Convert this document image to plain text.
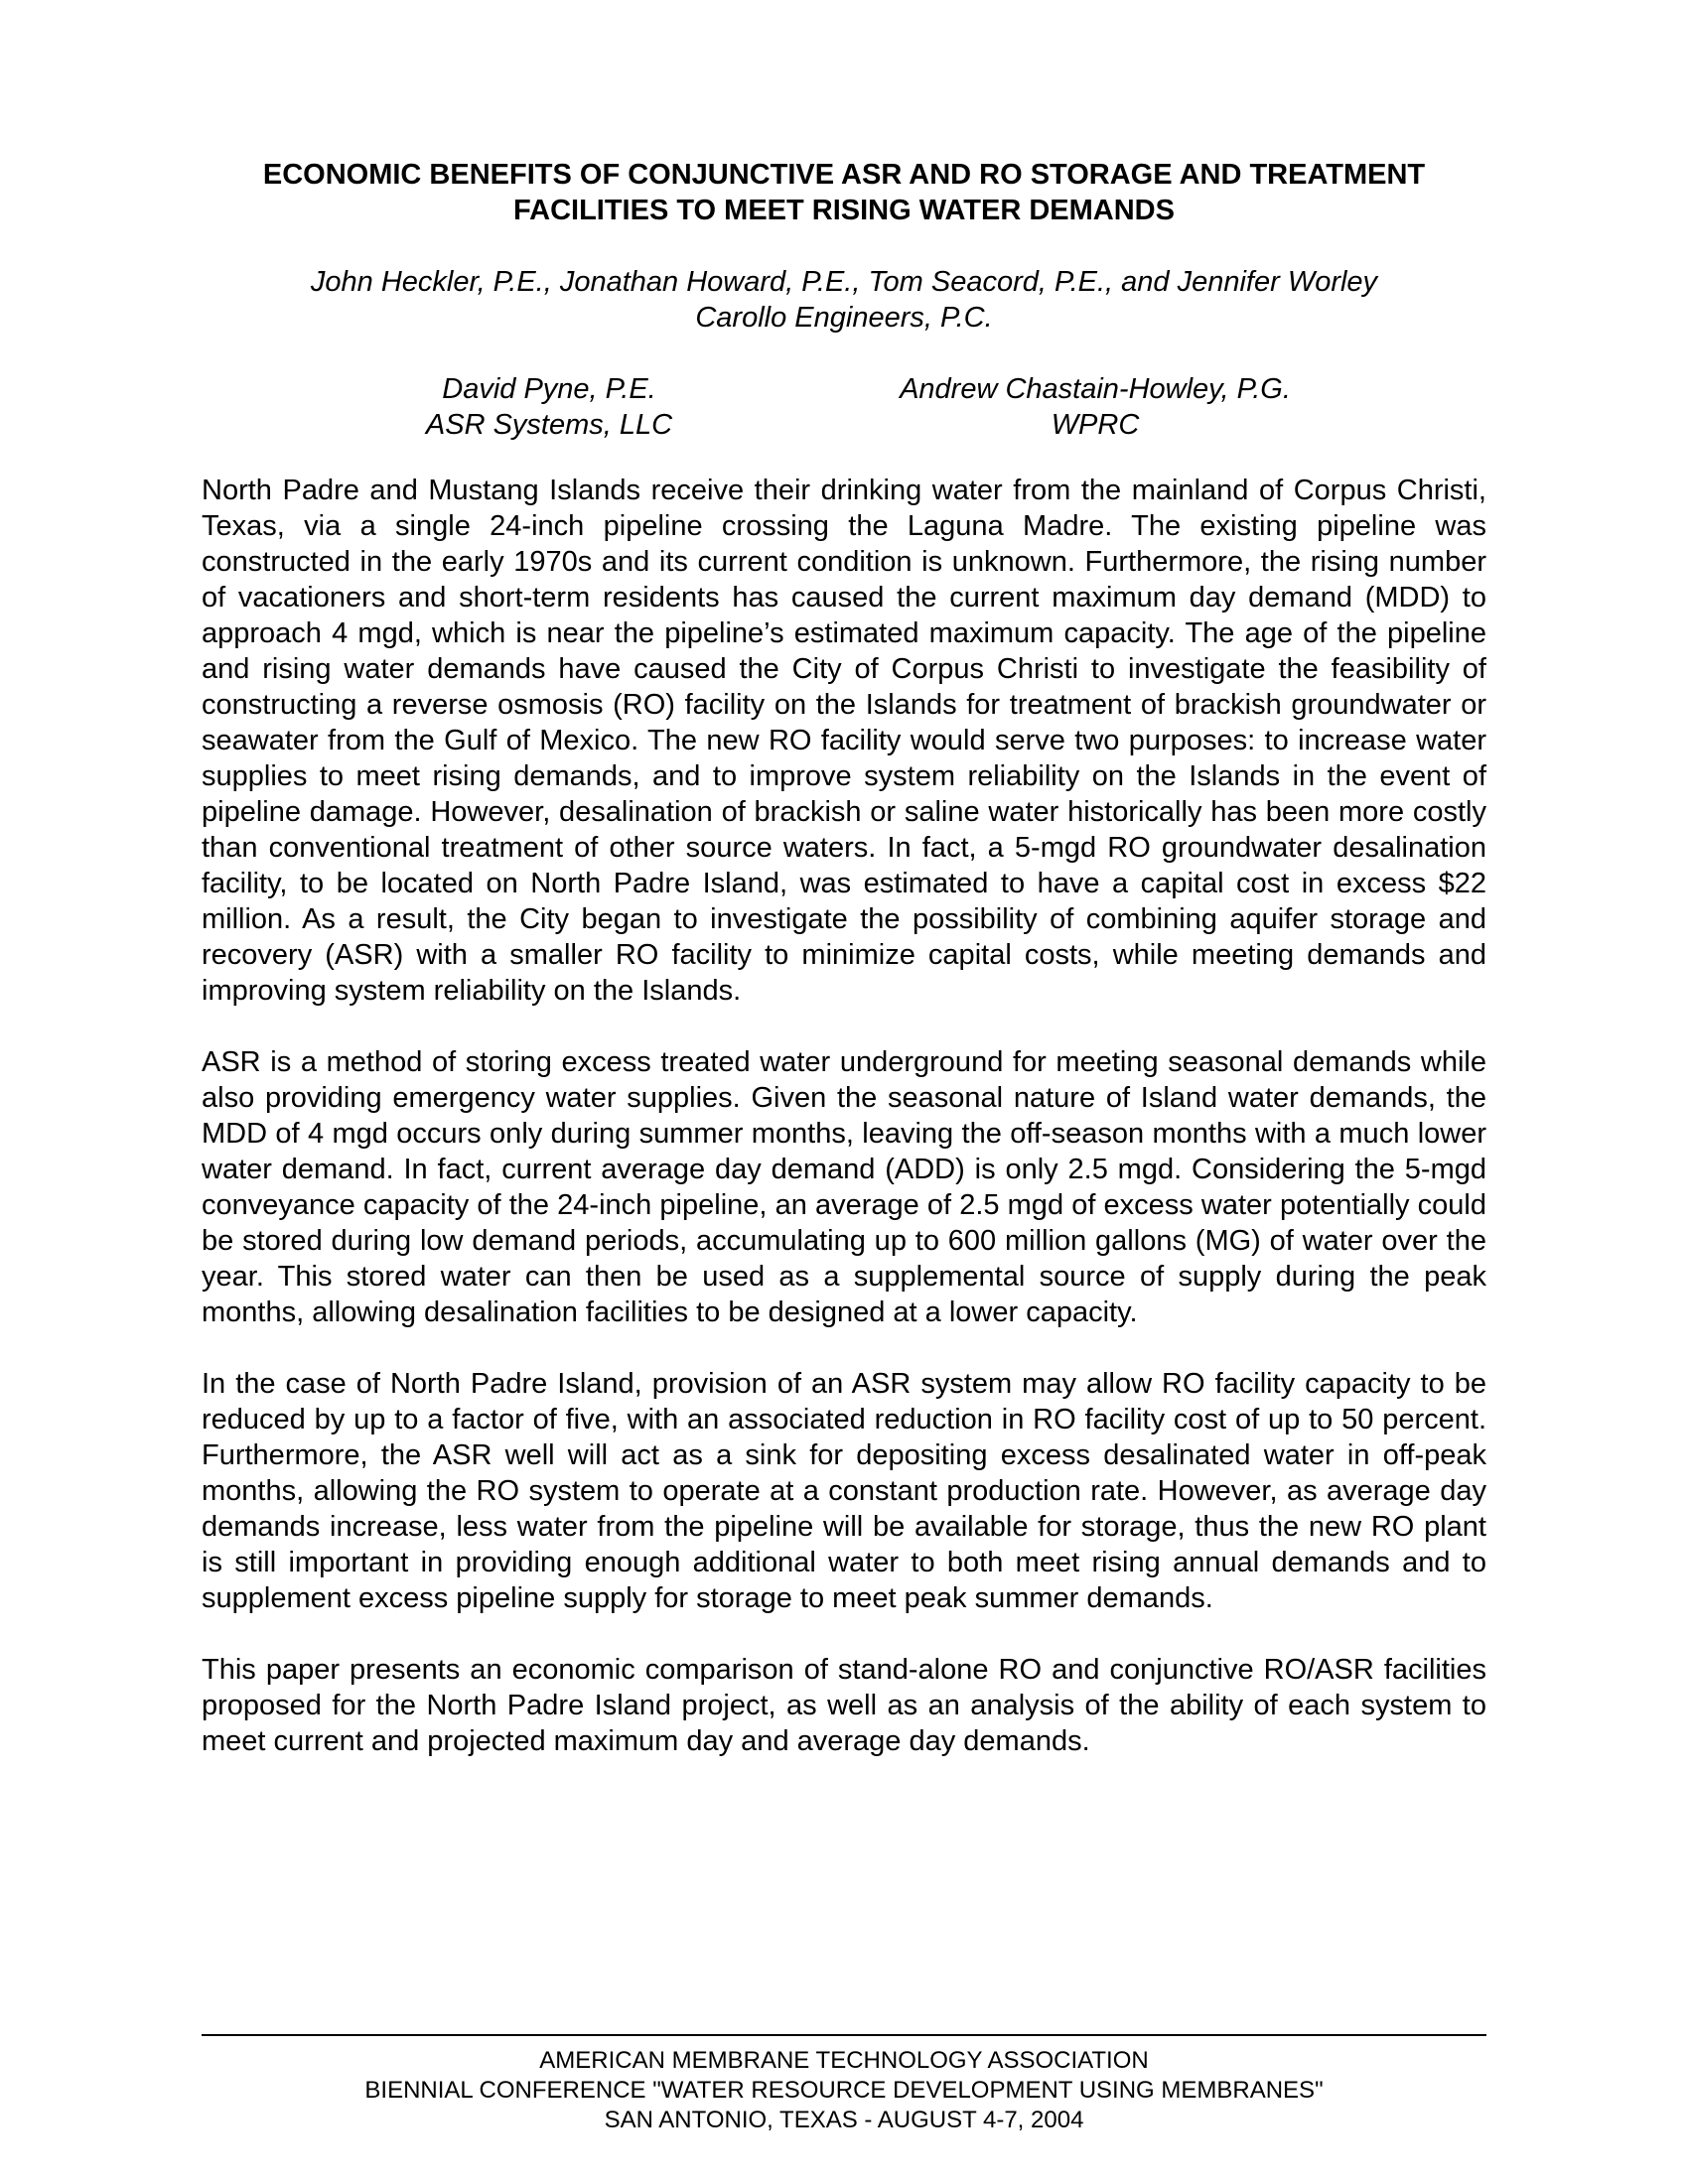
ECONOMIC BENEFITS OF CONJUNCTIVE ASR AND RO STORAGE AND TREATMENT
FACILITIES TO MEET RISING WATER DEMANDS
John Heckler, P.E., Jonathan Howard, P.E., Tom Seacord, P.E., and Jennifer Worley
Carollo Engineers, P.C.
David Pyne, P.E.
ASR Systems, LLC
Andrew Chastain-Howley, P.G.
WPRC

North Padre and Mustang Islands receive their drinking water from the mainland of Corpus Christi, Texas, via a single 24-inch pipeline crossing the Laguna Madre. The existing pipeline was constructed in the early 1970s and its current condition is unknown. Furthermore, the rising number of vacationers and short-term residents has caused the current maximum day demand (MDD) to approach 4 mgd, which is near the pipeline’s estimated maximum capacity. The age of the pipeline and rising water demands have caused the City of Corpus Christi to investigate the feasibility of constructing a reverse osmosis (RO) facility on the Islands for treatment of brackish groundwater or seawater from the Gulf of Mexico. The new RO facility would serve two purposes: to increase water supplies to meet rising demands, and to improve system reliability on the Islands in the event of pipeline damage. However, desalination of brackish or saline water historically has been more costly than conventional treatment of other source waters. In fact, a 5-mgd RO groundwater desalination facility, to be located on North Padre Island, was estimated to have a capital cost in excess $22 million. As a result, the City began to investigate the possibility of combining aquifer storage and recovery (ASR) with a smaller RO facility to minimize capital costs, while meeting demands and improving system reliability on the Islands.

ASR is a method of storing excess treated water underground for meeting seasonal demands while also providing emergency water supplies. Given the seasonal nature of Island water demands, the MDD of 4 mgd occurs only during summer months, leaving the off-season months with a much lower water demand. In fact, current average day demand (ADD) is only 2.5 mgd. Considering the 5-mgd conveyance capacity of the 24-inch pipeline, an average of 2.5 mgd of excess water potentially could be stored during low demand periods, accumulating up to 600 million gallons (MG) of water over the year. This stored water can then be used as a supplemental source of supply during the peak months, allowing desalination facilities to be designed at a lower capacity.

In the case of North Padre Island, provision of an ASR system may allow RO facility capacity to be reduced by up to a factor of five, with an associated reduction in RO facility cost of up to 50 percent. Furthermore, the ASR well will act as a sink for depositing excess desalinated water in off-peak months, allowing the RO system to operate at a constant production rate. However, as average day demands increase, less water from the pipeline will be available for storage, thus the new RO plant is still important in providing enough additional water to both meet rising annual demands and to supplement excess pipeline supply for storage to meet peak summer demands.

This paper presents an economic comparison of stand-alone RO and conjunctive RO/ASR facilities proposed for the North Padre Island project, as well as an analysis of the ability of each system to meet current and projected maximum day and average day demands.

AMERICAN MEMBRANE TECHNOLOGY ASSOCIATION
BIENNIAL CONFERENCE "WATER RESOURCE DEVELOPMENT USING MEMBRANES"
SAN ANTONIO, TEXAS - AUGUST 4-7, 2004
